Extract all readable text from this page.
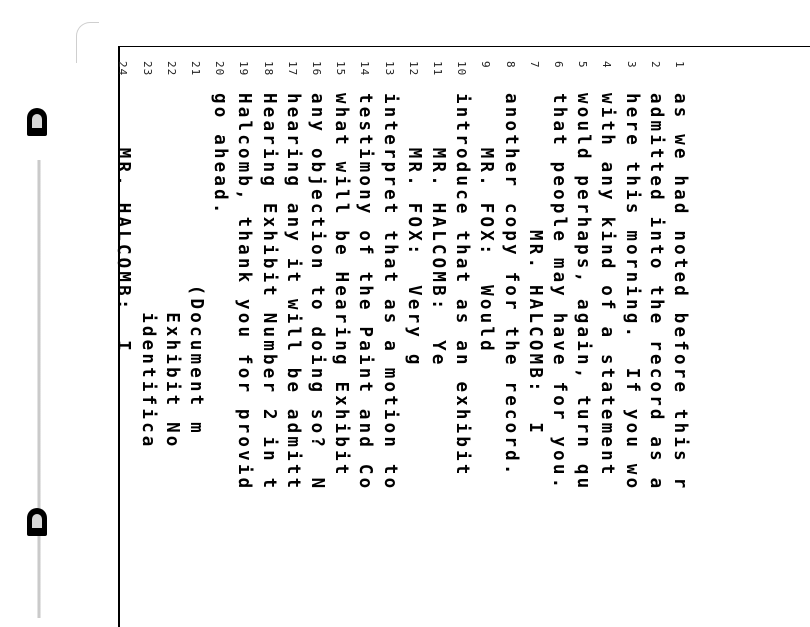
1
2
3
4
5
6
7
8
9
10
11
12
13
14
15
16
17
18
19
20
21
22
23
24
as we had noted before this r
admitted into the record as a
here this morning.  If you wo
with any kind of a statement
would perhaps, again, turn qu
that people may have for you.
MR. HALCOMB:  I
another copy for the record.
MR. FOX:  Would
introduce that as an exhibit
MR. HALCOMB:  Ye
MR. FOX:  Very g
interpret that as a motion to
testimony of the Paint and Co
what will be Hearing Exhibit
any objection to doing so?  N
hearing any it will be admitt
Hearing Exhibit Number 2 in t
Halcomb, thank you for provid
go ahead.
(Document m
Exhibit No
identifica
MR. HALCOMB:  I
